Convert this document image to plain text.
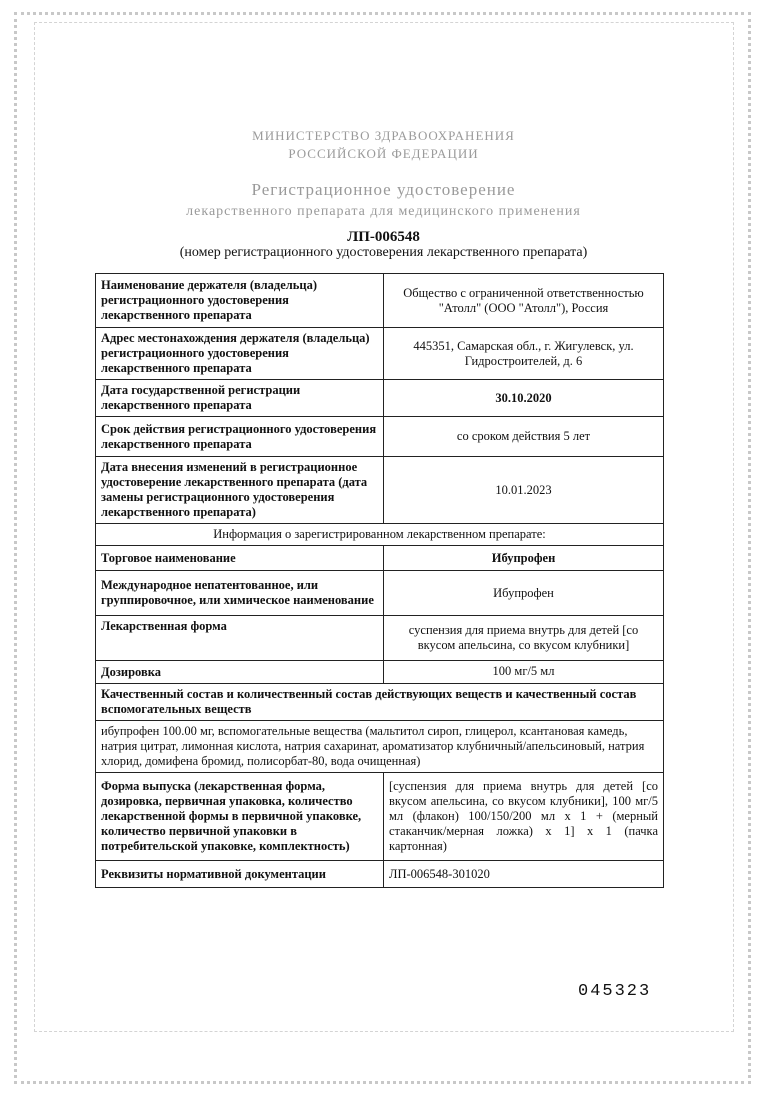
МИНИСТЕРСТВО ЗДРАВООХРАНЕНИЯ
РОССИЙСКОЙ ФЕДЕРАЦИИ
Регистрационное удостоверение
лекарственного препарата для медицинского применения
ЛП-006548
(номер регистрационного удостоверения лекарственного препарата)
Наименование держателя (владельца) регистрационного удостоверения лекарственного препарата	Общество с ограниченной ответственностью "Атолл" (ООО "Атолл"), Россия
Адрес местонахождения держателя (владельца) регистрационного удостоверения лекарственного препарата	445351, Самарская обл., г. Жигулевск, ул. Гидростроителей, д. 6
Дата государственной регистрации лекарственного препарата	30.10.2020
Срок действия регистрационного удостоверения лекарственного препарата	со сроком действия 5 лет
Дата внесения изменений в регистрационное удостоверение лекарственного препарата (дата замены регистрационного удостоверения лекарственного препарата)	10.01.2023
Информация о зарегистрированном лекарственном препарате:	
Торговое наименование	Ибупрофен
Международное непатентованное, или группировочное, или химическое наименование	Ибупрофен
Лекарственная форма	суспензия для приема внутрь для детей [со вкусом апельсина, со вкусом клубники]
Дозировка	100 мг/5 мл
Качественный состав и количественный состав действующих веществ и качественный состав вспомогательных веществ	
ибупрофен 100.00 мг, вспомогательные вещества (мальтитол сироп, глицерол, ксантановая камедь, натрия цитрат, лимонная кислота, натрия сахаринат, ароматизатор клубничный/апельсиновый, натрия хлорид, домифена бромид, полисорбат-80, вода очищенная)	
Форма выпуска (лекарственная форма, дозировка, первичная упаковка, количество лекарственной формы в первичной упаковке, количество первичной упаковки в потребительской упаковке, комплектность)	[суспензия для приема внутрь для детей [со вкусом апельсина, со вкусом клубники], 100 мг/5 мл (флакон) 100/150/200 мл x 1 + (мерный стаканчик/мерная ложка) x 1] x 1 (пачка картонная)
Реквизиты нормативной документации	ЛП-006548-301020
045323
